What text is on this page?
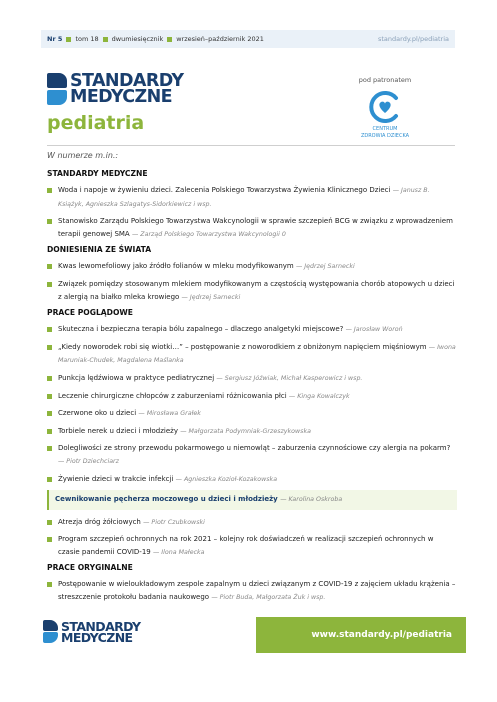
Nr 5 tom 18 dwumiesięcznik wrzesień–październik 2021	standardy.pl/pediatria
STANDARDY
MEDYCZNE
pediatria
pod patronatem
CENTRUM
ZDROWIA DZIECKA
W numerze m.in.:
STANDARDY MEDYCZNE
Woda i napoje w żywieniu dzieci. Zalecenia Polskiego Towarzystwa Żywienia Klinicznego Dzieci — Janusz B. Książyk, Agnieszka Szlagatys-Sidorkiewicz i wsp.
Stanowisko Zarządu Polskiego Towarzystwa Wakcynologii w sprawie szczepień BCG w związku z wprowadzeniem terapii genowej SMA — Zarząd Polskiego Towarzystwa Wakcynologii 0
DONIESIENIA ZE ŚWIATA
Kwas lewomefoliowy jako źródło folianów w mleku modyfikowanym — Jędrzej Sarnecki
Związek pomiędzy stosowanym mlekiem modyfikowanym a częstością występowania chorób atopowych u dzieci z alergią na białko mleka krowiego — Jędrzej Sarnecki
PRACE POGLĄDOWE
Skuteczna i bezpieczna terapia bólu zapalnego – dlaczego analgetyki miejscowe? — Jarosław Woroń
„Kiedy noworodek robi się wiotki…” – postępowanie z noworodkiem z obniżonym napięciem mięśniowym — Iwona Maruniak-Chudek, Magdalena Maślanka
Punkcja lędźwiowa w praktyce pediatrycznej — Sergiusz Jóźwiak, Michał Kasperowicz i wsp.
Leczenie chirurgiczne chłopców z zaburzeniami różnicowania płci — Kinga Kowalczyk
Czerwone oko u dzieci — Mirosława Grałek
Torbiele nerek u dzieci i młodzieży — Małgorzata Podymniak-Grzeszykowska
Dolegliwości ze strony przewodu pokarmowego u niemowląt – zaburzenia czynnościowe czy alergia na pokarm? — Piotr Dziechciarz
Żywienie dzieci w trakcie infekcji — Agnieszka Kozioł-Kozakowska
Cewnikowanie pęcherza moczowego u dzieci i młodzieży — Karolina Oskroba
Atrezja dróg żółciowych — Piotr Czubkowski
Program szczepień ochronnych na rok 2021 – kolejny rok doświadczeń w realizacji szczepień ochronnych w czasie pandemii COVID-19 — Ilona Małecka
PRACE ORYGINALNE
Postępowanie w wieloukładowym zespole zapalnym u dzieci związanym z COVID-19 z zajęciem układu krążenia – streszczenie protokołu badania naukowego — Piotr Buda, Małgorzata Żuk i wsp.
STANDARDY
MEDYCZNE	www.standardy.pl/pediatria
